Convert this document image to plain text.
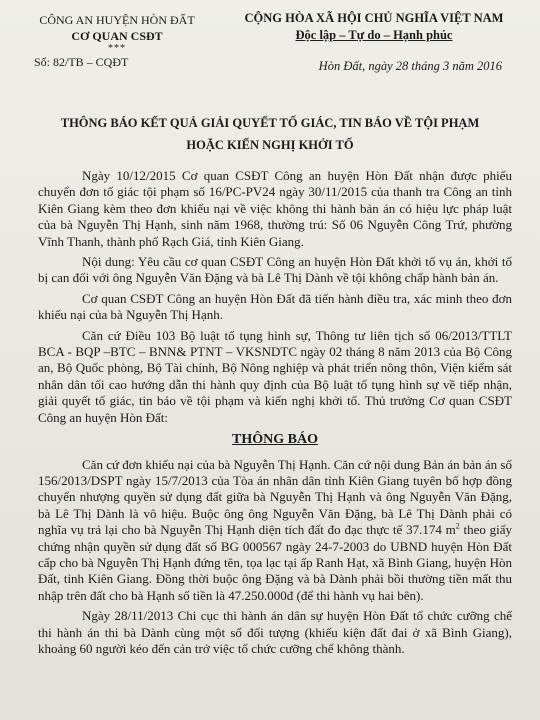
CÔNG AN HUYỆN HÒN ĐẤT
CƠ QUAN CSĐT
***
Số: 82/TB – CQĐT
CỘNG HÒA XÃ HỘI CHỦ NGHĨA VIỆT NAM
Độc lập – Tự do – Hạnh phúc
Hòn Đất, ngày 28 tháng 3 năm 2016
THÔNG BÁO KẾT QUẢ GIẢI QUYẾT TỐ GIÁC, TIN BÁO VỀ TỘI PHẠM
HOẶC KIẾN NGHỊ KHỞI TỐ

Ngày 10/12/2015 Cơ quan CSĐT Công an huyện Hòn Đất nhận được phiếu chuyển đơn tố giác tội phạm số 16/PC-PV24 ngày 30/11/2015 của thanh tra Công an tỉnh Kiên Giang kèm theo đơn khiếu nại về việc không thi hành bản án có hiệu lực pháp luật của bà Nguyễn Thị Hạnh, sinh năm 1968, thường trú: Số 06 Nguyễn Công Trứ, phường Vĩnh Thanh, thành phố Rạch Giá, tỉnh Kiên Giang.

Nội dung: Yêu cầu cơ quan CSĐT Công an huyện Hòn Đất khởi tố vụ án, khởi tố bị can đối với ông Nguyễn Văn Đặng và bà Lê Thị Dành về tội không chấp hành bản án.

Cơ quan CSĐT Công an huyện Hòn Đất đã tiến hành điều tra, xác minh theo đơn khiếu nại của bà Nguyễn Thị Hạnh.

Căn cứ Điều 103 Bộ luật tố tụng hình sự, Thông tư liên tịch số 06/2013/TTLT BCA - BQP –BTC – BNN& PTNT – VKSNDTC ngày 02 tháng 8 năm 2013 của Bộ Công an, Bộ Quốc phòng, Bộ Tài chính, Bộ Nông nghiệp và phát triển nông thôn, Viện kiểm sát nhân dân tối cao hướng dẫn thi hành quy định của Bộ luật tố tụng hình sự về tiếp nhận, giải quyết tố giác, tin báo về tội phạm và kiến nghị khởi tố. Thủ trưởng Cơ quan CSĐT Công an huyện Hòn Đất:

THÔNG BÁO

Căn cứ đơn khiếu nại của bà Nguyễn Thị Hạnh. Căn cứ nội dung Bản án bản án số 156/2013/DSPT ngày 15/7/2013 của Tòa án nhân dân tỉnh Kiên Giang tuyên bố hợp đồng chuyển nhượng quyền sử dụng đất giữa bà Nguyễn Thị Hạnh và ông Nguyễn Văn Đặng, bà Lê Thị Dành là vô hiệu. Buộc ông ông Nguyễn Văn Đặng, bà Lê Thị Dành phải có nghĩa vụ trả lại cho bà Nguyễn Thị Hạnh diện tích đất đo đạc thực tế 37.174 $m^2$ theo giấy chứng nhận quyền sử dụng đất số BG 000567 ngày 24-7-2003 do UBND huyện Hòn Đất cấp cho bà Nguyễn Thị Hạnh đứng tên, tọa lạc tại ấp Ranh Hạt, xã Bình Giang, huyện Hòn Đất, tỉnh Kiên Giang. Đồng thời buộc ông Đặng và bà Dành phải bồi thường tiền mất thu nhập trên đất cho bà Hạnh số tiền là 47.250.000đ (để thi hành vụ hai bên).

Ngày 28/11/2013 Chi cục thi hành án dân sự huyện Hòn Đất tổ chức cưỡng chế thi hành án thi bà Dành cùng một số đối tượng (khiếu kiện đất đai ở xã Bình Giang), khoảng 60 người kéo đến cản trở việc tổ chức cưỡng chế không thành.
